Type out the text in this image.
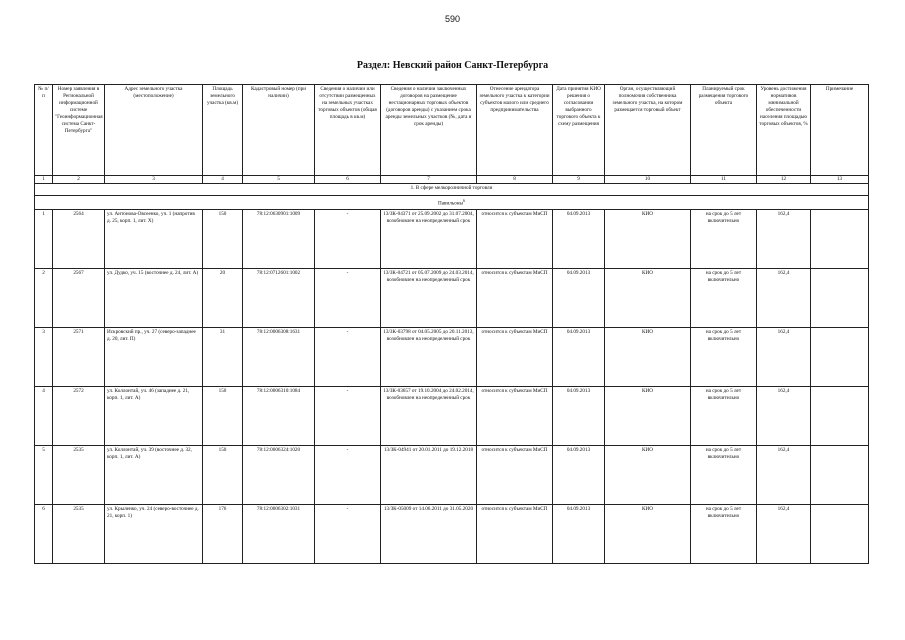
590
Раздел: Невский район Санкт-Петербурга
№ п/п	Номер заявления в Региональной информационной системе "Геоинформационная система Санкт-Петербурга"	Адрес земельного участка (местоположение)	Площадь земельного участка (кв.м)	Кадастровый номер (при наличии)	Сведения о наличии или отсутствии размещенных на земельных участках торговых объектов (общая площадь в кв.м)	Сведения о наличии заключенных договоров на размещение нестационарных торговых объектов (договоров аренды) с указанием срока аренды земельных участков (№, дата и срок аренды)	Отнесение арендатора земельного участка к категории субъектов малого или среднего предпринимательства	Дата принятия КИО решения о согласовании выбранного торгового объекта к схему размещения	Орган, осуществляющий полномочия собственника земельного участка, на котором размещается торговый объект	Планируемый срок размещения торгового объекта	Уровень достижения нормативов минимальной обеспеченности населения площадью торговых объектов, %	Примечание
1	2	3	4	5	6	7	8	9	10	11	12	13
1. В сфере мелкорозничной торговли												
Павильоны$^6$
1	2564	ул. Антонова-Овсеенко, уч. 1 (напротив д. 25, корп. 1, лит. Х)	150	78:12:0630901:1009	-	13/ЗК-04371 от 25.09.2002 до 31.07.2004, возобновлен на неопределенный срок	относится к субъектам МиСП	04.09.2013	КИО	на срок до 5 лет включительно	162,4	
2	2567	ул. Дудко, уч. 15 (восточнее д. 24, лит. А)	20	78:12:0712601:1002	-	13/ЗК-04721 от 05.07.2009 до 24.03.2014, возобновлен на неопределенный срок	относится к субъектам МиСП	04.09.2013	КИО	на срок до 5 лет включительно	162,4	
3	2571	Искровский пр., уч. 27 (северо-западнее д. 20, лит. П)	31	78:12:0006308:1631	-	13/ЗК-03798 от 04.05.2005 до 20.11.2013, возобновлен на неопределенный срок	относится к субъектам МиСП	04.09.2013	КИО	на срок до 5 лет включительно	162,4	
4	2572	ул. Коллонтай, уч. 46 (западнее д. 21, корп. 1, лит. А)	150	78:12:0006310:1084	-	13/ЗК-03657 от 19.10.2004 до 24.02.2014, возобновлен на неопределенный срок	относится к субъектам МиСП	04.09.2013	КИО	на срок до 5 лет включительно	162,4	
5	2535	ул. Коллонтай, уч. 39 (восточнее д. 32, корп. 1, лит. А)	150	78:12:0006324:1020	-	13/ЗК-04941 от 20.01.2011 до 19.12.2018	относится к субъектам МиСП	04.09.2013	КИО	на срок до 5 лет включительно	162,4	
6	2535	ул. Крыленко, уч. 24 (северо-восточнее д. 21, корп. 1)	176	78:12:0006302:1031	-	13/ЗК-05009 от 14.06.2011 до 31.05.2020	относится к субъектам МиСП	04.09.2013	КИО	на срок до 5 лет включительно	162,4	
